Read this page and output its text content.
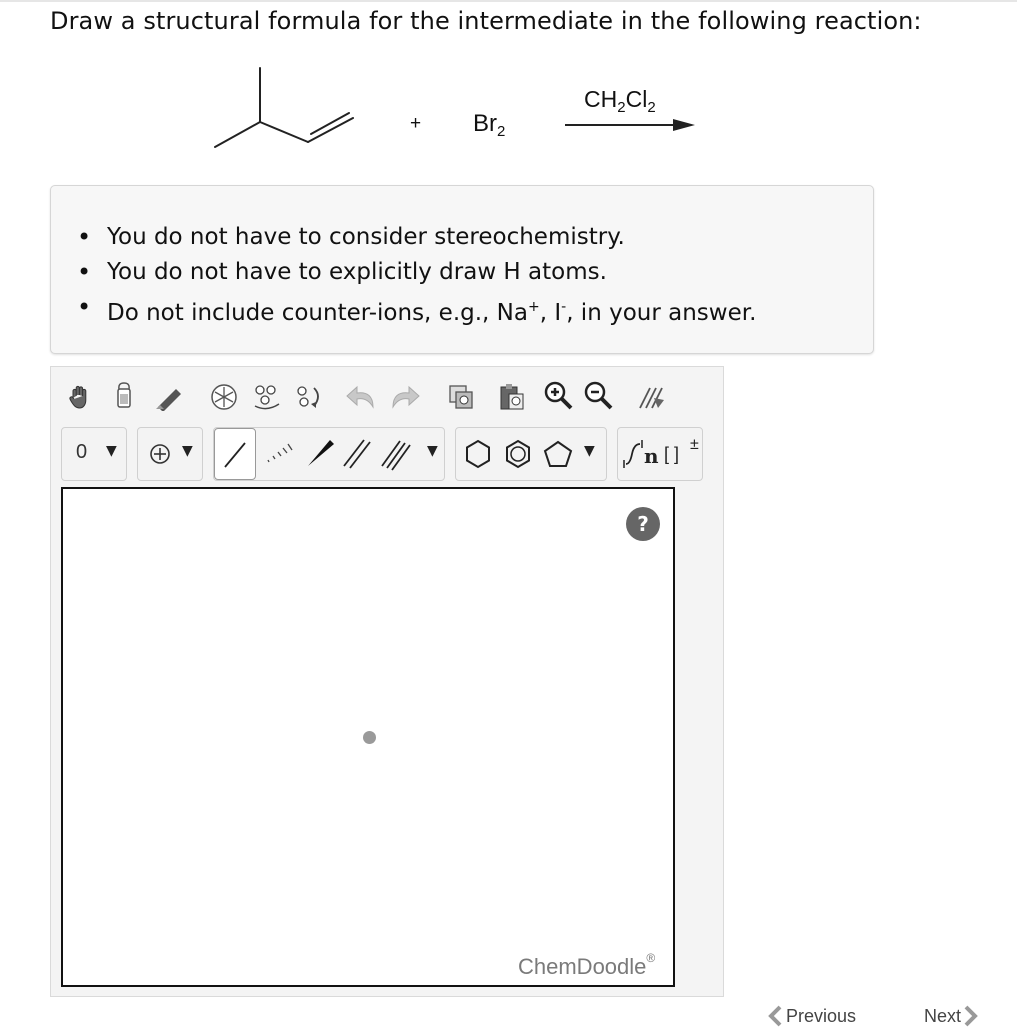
Draw a structural formula for the intermediate in the following reaction:
+ $Br_2$
$CH_2Cl_2$
• You do not have to consider stereochemistry.
• You do not have to explicitly draw H atoms.
• Do not include counter-ions, e.g., Na+, I-, in your answer.
0 ▼	▼	▼	▼ n [ ] ±
?
ChemDoodle®
Previous	Next
